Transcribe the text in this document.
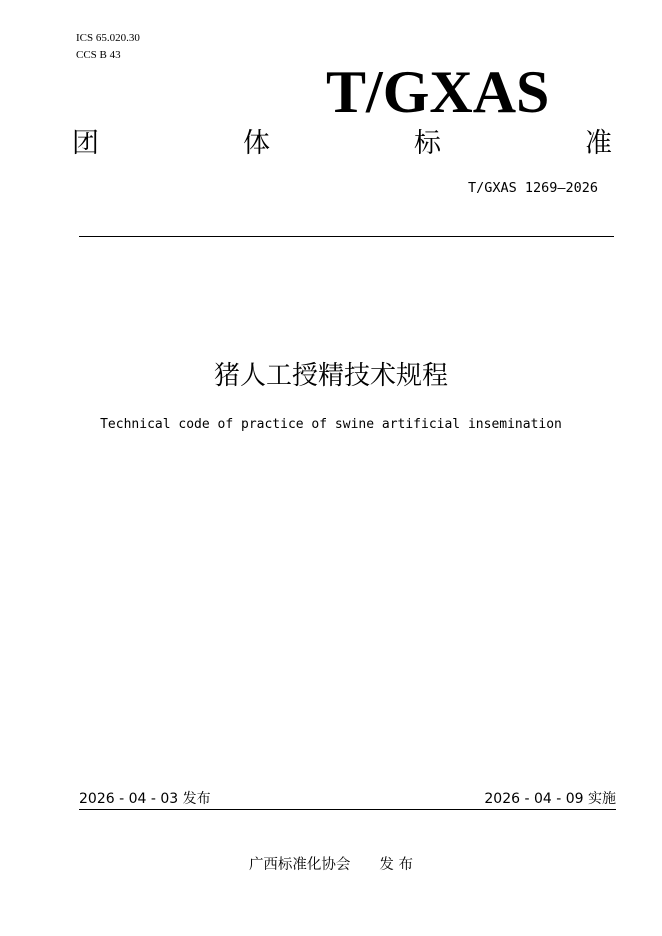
ICS 65.020.30
CCS B 43
T/GXAS
团	体	标	准
T/GXAS 1269—2026
猪人工授精技术规程
Technical code of practice of swine artificial insemination
2026 - 04 - 03 发布	2026 - 04 - 09 实施
广西标准化协会　　发 布
